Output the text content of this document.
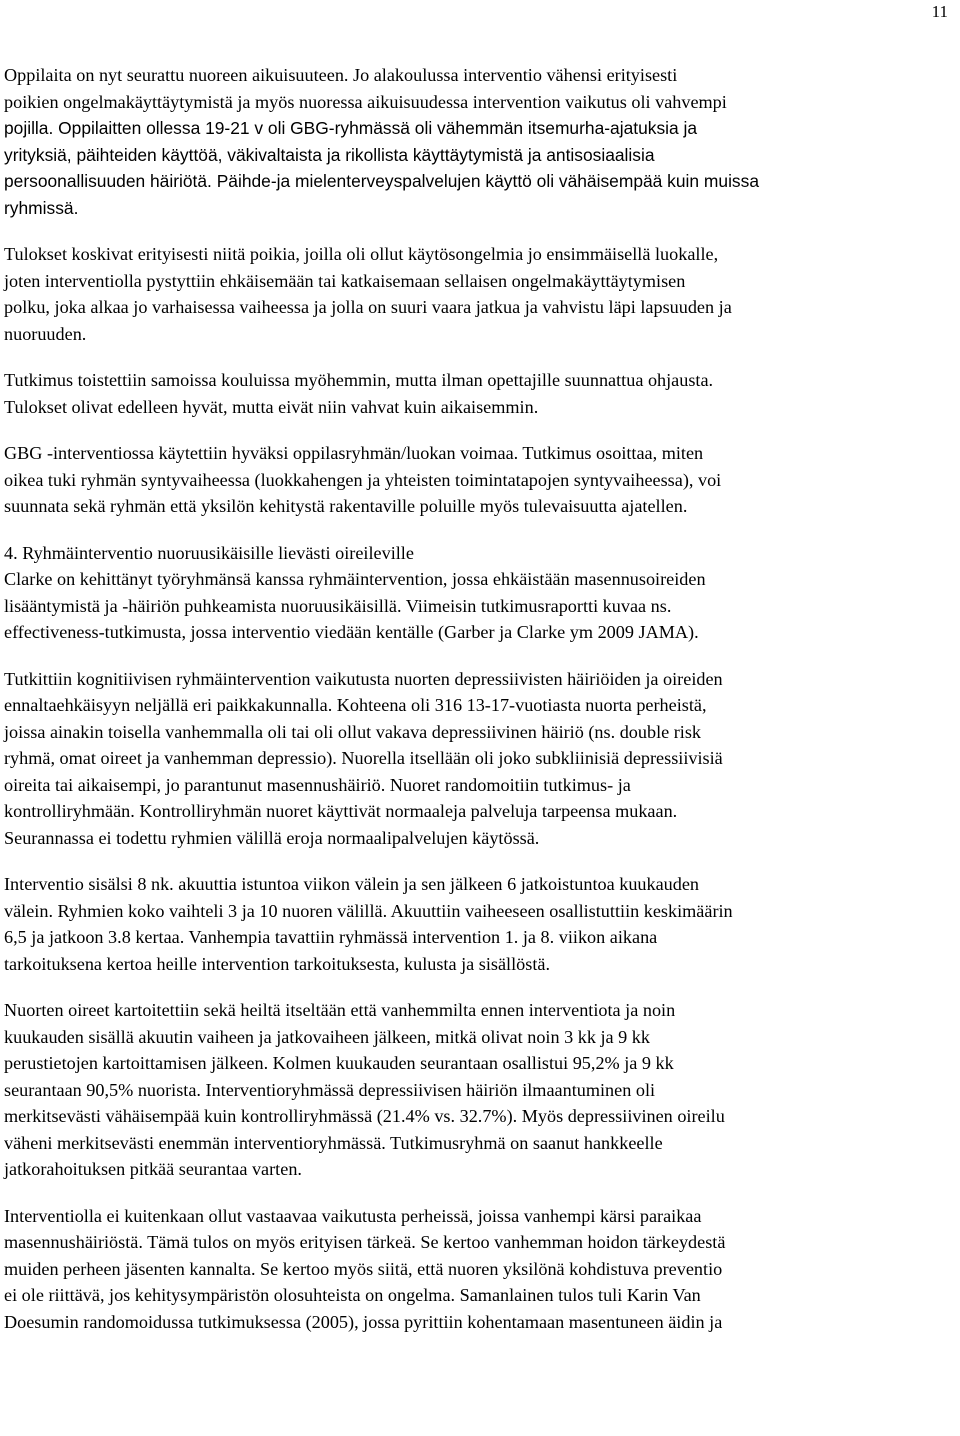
11
Oppilaita on nyt seurattu nuoreen aikuisuuteen. Jo alakoulussa interventio vähensi erityisesti
poikien ongelmakäyttäytymistä ja myös nuoressa aikuisuudessa intervention vaikutus oli vahvempi
pojilla. Oppilaitten ollessa 19-21 v oli GBG-ryhmässä oli vähemmän itsemurha-ajatuksia ja
yrityksiä, päihteiden käyttöä, väkivaltaista ja rikollista käyttäytymistä ja antisosiaalisia
persoonallisuuden häiriötä. Päihde-ja mielenterveyspalvelujen käyttö oli vähäisempää kuin muissa
ryhmissä.
Tulokset koskivat erityisesti niitä poikia, joilla oli ollut käytösongelmia jo ensimmäisellä luokalle,
joten interventiolla pystyttiin ehkäisemään tai katkaisemaan sellaisen ongelmakäyttäytymisen
polku, joka alkaa jo varhaisessa vaiheessa ja jolla on suuri vaara jatkua ja vahvistu läpi lapsuuden ja
nuoruuden.
Tutkimus toistettiin samoissa kouluissa myöhemmin, mutta ilman opettajille suunnattua ohjausta.
Tulokset olivat edelleen hyvät, mutta eivät niin vahvat kuin aikaisemmin.
GBG -interventiossa käytettiin hyväksi oppilasryhmän/luokan voimaa. Tutkimus osoittaa, miten
oikea tuki ryhmän syntyvaiheessa (luokkahengen ja yhteisten toimintatapojen syntyvaiheessa), voi
suunnata sekä ryhmän että yksilön kehitystä rakentaville poluille myös tulevaisuutta ajatellen.
4. Ryhmäinterventio nuoruusikäisille lievästi oireileville
Clarke on kehittänyt työryhmänsä kanssa ryhmäintervention, jossa ehkäistään masennusoireiden
lisääntymistä ja -häiriön puhkeamista nuoruusikäisillä. Viimeisin tutkimusraportti kuvaa ns.
effectiveness-tutkimusta, jossa interventio viedään kentälle (Garber ja Clarke ym 2009 JAMA).
Tutkittiin kognitiivisen ryhmäintervention vaikutusta nuorten depressiivisten häiriöiden ja oireiden
ennaltaehkäisyyn neljällä eri paikkakunnalla. Kohteena oli 316 13-17-vuotiasta nuorta perheistä,
joissa ainakin toisella vanhemmalla oli tai oli ollut vakava depressiivinen häiriö (ns. double risk
ryhmä, omat oireet ja vanhemman depressio). Nuorella itsellään oli joko subkliinisiä depressiivisiä
oireita tai aikaisempi, jo parantunut masennushäiriö. Nuoret randomoitiin tutkimus- ja
kontrolliryhmään. Kontrolliryhmän nuoret käyttivät normaaleja palveluja tarpeensa mukaan.
Seurannassa ei todettu ryhmien välillä eroja normaalipalvelujen käytössä.
Interventio sisälsi 8 nk. akuuttia istuntoa viikon välein ja sen jälkeen 6 jatkoistuntoa kuukauden
välein. Ryhmien koko vaihteli 3 ja 10 nuoren välillä. Akuuttiin vaiheeseen osallistuttiin keskimäärin
6,5 ja jatkoon 3.8 kertaa. Vanhempia tavattiin ryhmässä intervention 1. ja 8. viikon aikana
tarkoituksena kertoa heille intervention tarkoituksesta, kulusta ja sisällöstä.
Nuorten oireet kartoitettiin sekä heiltä itseltään että vanhemmilta ennen interventiota ja noin
kuukauden sisällä akuutin vaiheen ja jatkovaiheen jälkeen, mitkä olivat noin 3 kk ja 9 kk
perustietojen kartoittamisen jälkeen. Kolmen kuukauden seurantaan osallistui 95,2% ja 9 kk
seurantaan 90,5% nuorista. Interventioryhmässä depressiivisen häiriön ilmaantuminen oli
merkitsevästi vähäisempää kuin kontrolliryhmässä (21.4% vs. 32.7%). Myös depressiivinen oireilu
väheni merkitsevästi enemmän interventioryhmässä. Tutkimusryhmä on saanut hankkeelle
jatkorahoituksen pitkää seurantaa varten.
Interventiolla ei kuitenkaan ollut vastaavaa vaikutusta perheissä, joissa vanhempi kärsi paraikaa
masennushäiriöstä. Tämä tulos on myös erityisen tärkeä. Se kertoo vanhemman hoidon tärkeydestä
muiden perheen jäsenten kannalta. Se kertoo myös siitä, että nuoren yksilönä kohdistuva preventio
ei ole riittävä, jos kehitysympäristön olosuhteista on ongelma. Samanlainen tulos tuli Karin Van
Doesumin randomoidussa tutkimuksessa (2005), jossa pyrittiin kohentamaan masentuneen äidin ja
